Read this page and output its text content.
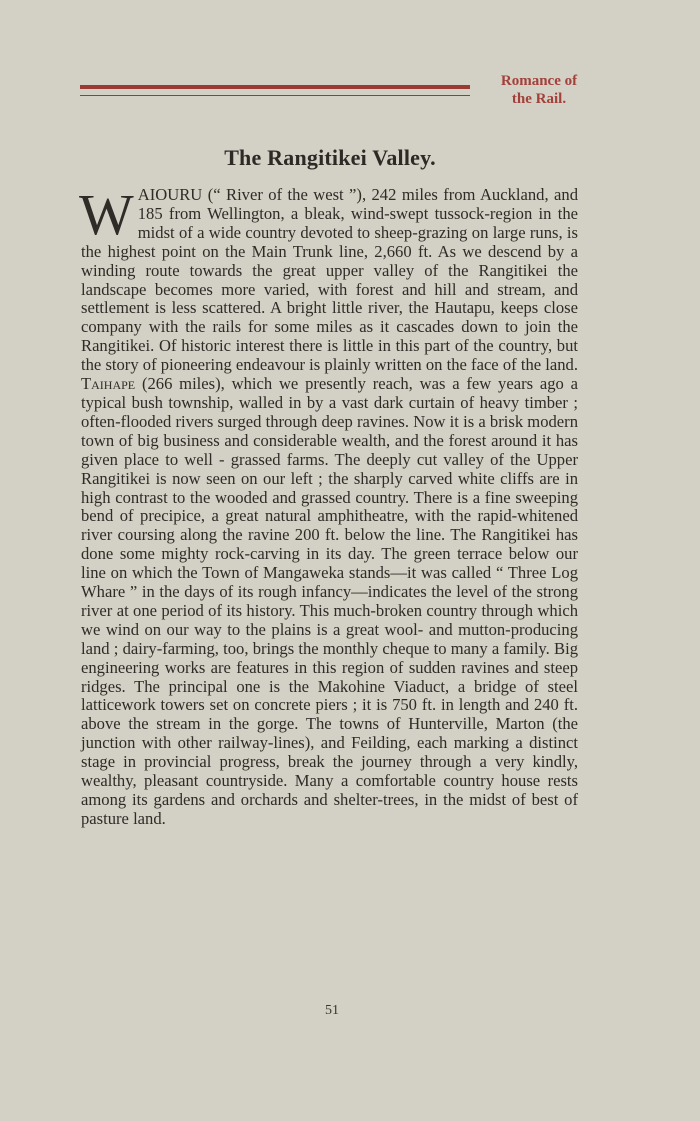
Romance of
the Rail.
The Rangitikei Valley.
WAIOURU (“ River of the west ”), 242 miles from Auckland, and 185 from Wellington, a bleak, wind-swept tussock-region in the midst of a wide country devoted to sheep-grazing on large runs, is the highest point on the Main Trunk line, 2,660 ft. As we descend by a winding route towards the great upper valley of the Rangitikei the landscape becomes more varied, with forest and hill and stream, and settlement is less scattered. A bright little river, the Hautapu, keeps close company with the rails for some miles as it cascades down to join the Rangitikei. Of historic interest there is little in this part of the country, but the story of pioneering endeavour is plainly written on the face of the land. Taihape (266 miles), which we presently reach, was a few years ago a typical bush township, walled in by a vast dark curtain of heavy timber ; often-flooded rivers surged through deep ravines. Now it is a brisk modern town of big business and considerable wealth, and the forest around it has given place to well - grassed farms. The deeply cut valley of the Upper Rangitikei is now seen on our left ; the sharply carved white cliffs are in high contrast to the wooded and grassed country. There is a fine sweeping bend of precipice, a great natural amphitheatre, with the rapid-whitened river coursing along the ravine 200 ft. below the line. The Rangitikei has done some mighty rock-carving in its day. The green terrace below our line on which the Town of Mangaweka stands—it was called “ Three Log Whare ” in the days of its rough infancy—indicates the level of the strong river at one period of its history. This much-broken country through which we wind on our way to the plains is a great wool- and mutton-producing land ; dairy-farming, too, brings the monthly cheque to many a family. Big engineering works are features in this region of sudden ravines and steep ridges. The principal one is the Makohine Viaduct, a bridge of steel latticework towers set on concrete piers ; it is 750 ft. in length and 240 ft. above the stream in the gorge. The towns of Hunterville, Marton (the junction with other railway-lines), and Feilding, each marking a distinct stage in provincial progress, break the journey through a very kindly, wealthy, pleasant countryside. Many a comfortable country house rests among its gardens and orchards and shelter-trees, in the midst of best of pasture land.
51
